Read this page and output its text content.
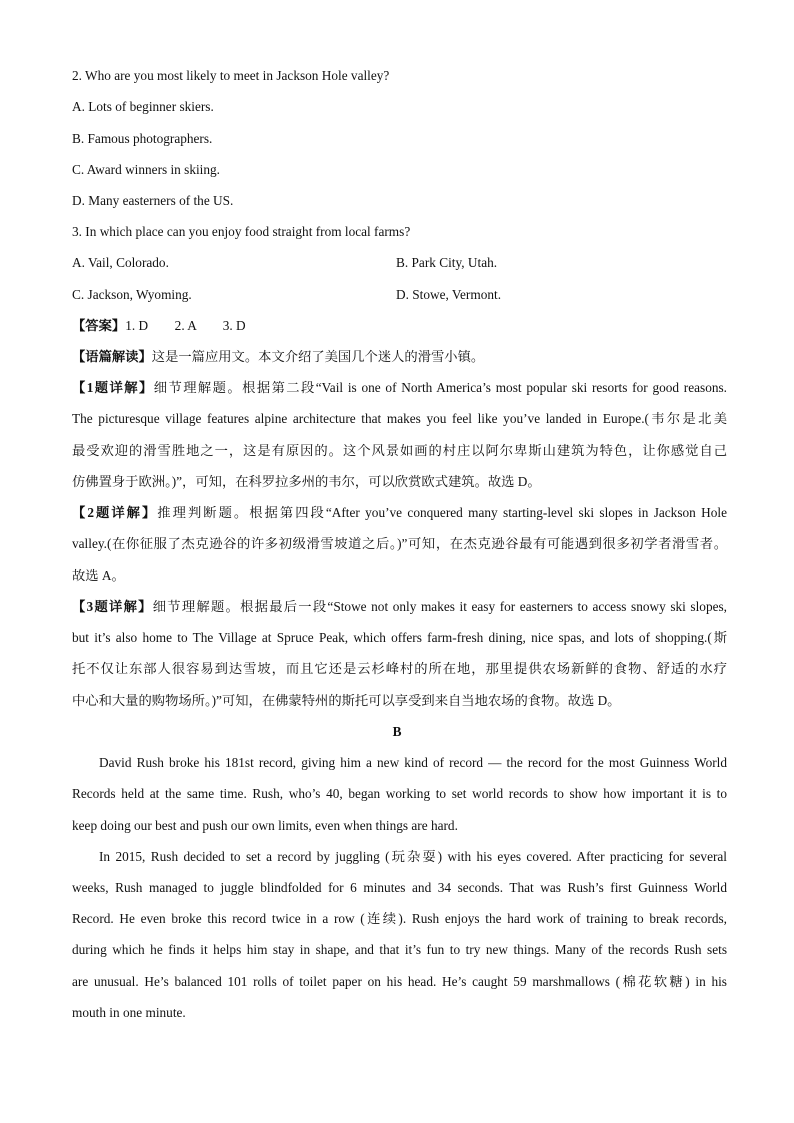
2. Who are you most likely to meet in Jackson Hole valley?
A. Lots of beginner skiers.
B. Famous photographers.
C. Award winners in skiing.
D. Many easterners of the US.
3. In which place can you enjoy food straight from local farms?
A. Vail, Colorado.	B. Park City, Utah.
C. Jackson, Wyoming.	D. Stowe, Vermont.
【答案】1. D        2. A        3. D
【语篇解读】这是一篇应用文。本文介绍了美国几个迷人的滑雪小镇。
【1题详解】细节理解题。根据第二段“Vail is one of North America’s most popular ski resorts for good reasons.
The picturesque village features alpine architecture that makes you feel like you’ve landed in Europe.(韦尔是北美
最受欢迎的滑雪胜地之一，这是有原因的。这个风景如画的村庄以阿尔卑斯山建筑为特色，让你感觉自己
仿佛置身于欧洲。)”，可知，在科罗拉多州的韦尔，可以欣赏欧式建筑。故选 D。
【2题详解】推理判断题。根据第四段“After you’ve conquered many starting-level ski slopes in Jackson Hole
valley.(在你征服了杰克逊谷的许多初级滑雪坡道之后。)”可知，在杰克逊谷最有可能遇到很多初学者滑雪者。
故选 A。
【3题详解】细节理解题。根据最后一段“Stowe not only makes it easy for easterners to access snowy ski slopes,
but it’s also home to The Village at Spruce Peak, which offers farm-fresh dining, nice spas, and lots of shopping.(斯
托不仅让东部人很容易到达雪坡，而且它还是云杉峰村的所在地，那里提供农场新鲜的食物、舒适的水疗
中心和大量的购物场所。)”可知，在佛蒙特州的斯托可以享受到来自当地农场的食物。故选 D。
B
David Rush broke his 181st record, giving him a new kind of record — the record for the most Guinness World
Records held at the same time. Rush, who’s 40, began working to set world records to show how important it is to
keep doing our best and push our own limits, even when things are hard.
In 2015, Rush decided to set a record by juggling (玩杂耍) with his eyes covered. After practicing for several
weeks, Rush managed to juggle blindfolded for 6 minutes and 34 seconds. That was Rush’s first Guinness World
Record. He even broke this record twice in a row (连续). Rush enjoys the hard work of training to break records,
during which he finds it helps him stay in shape, and that it’s fun to try new things. Many of the records Rush sets
are unusual. He’s balanced 101 rolls of toilet paper on his head. He’s caught 59 marshmallows (棉花软糖) in his
mouth in one minute.
